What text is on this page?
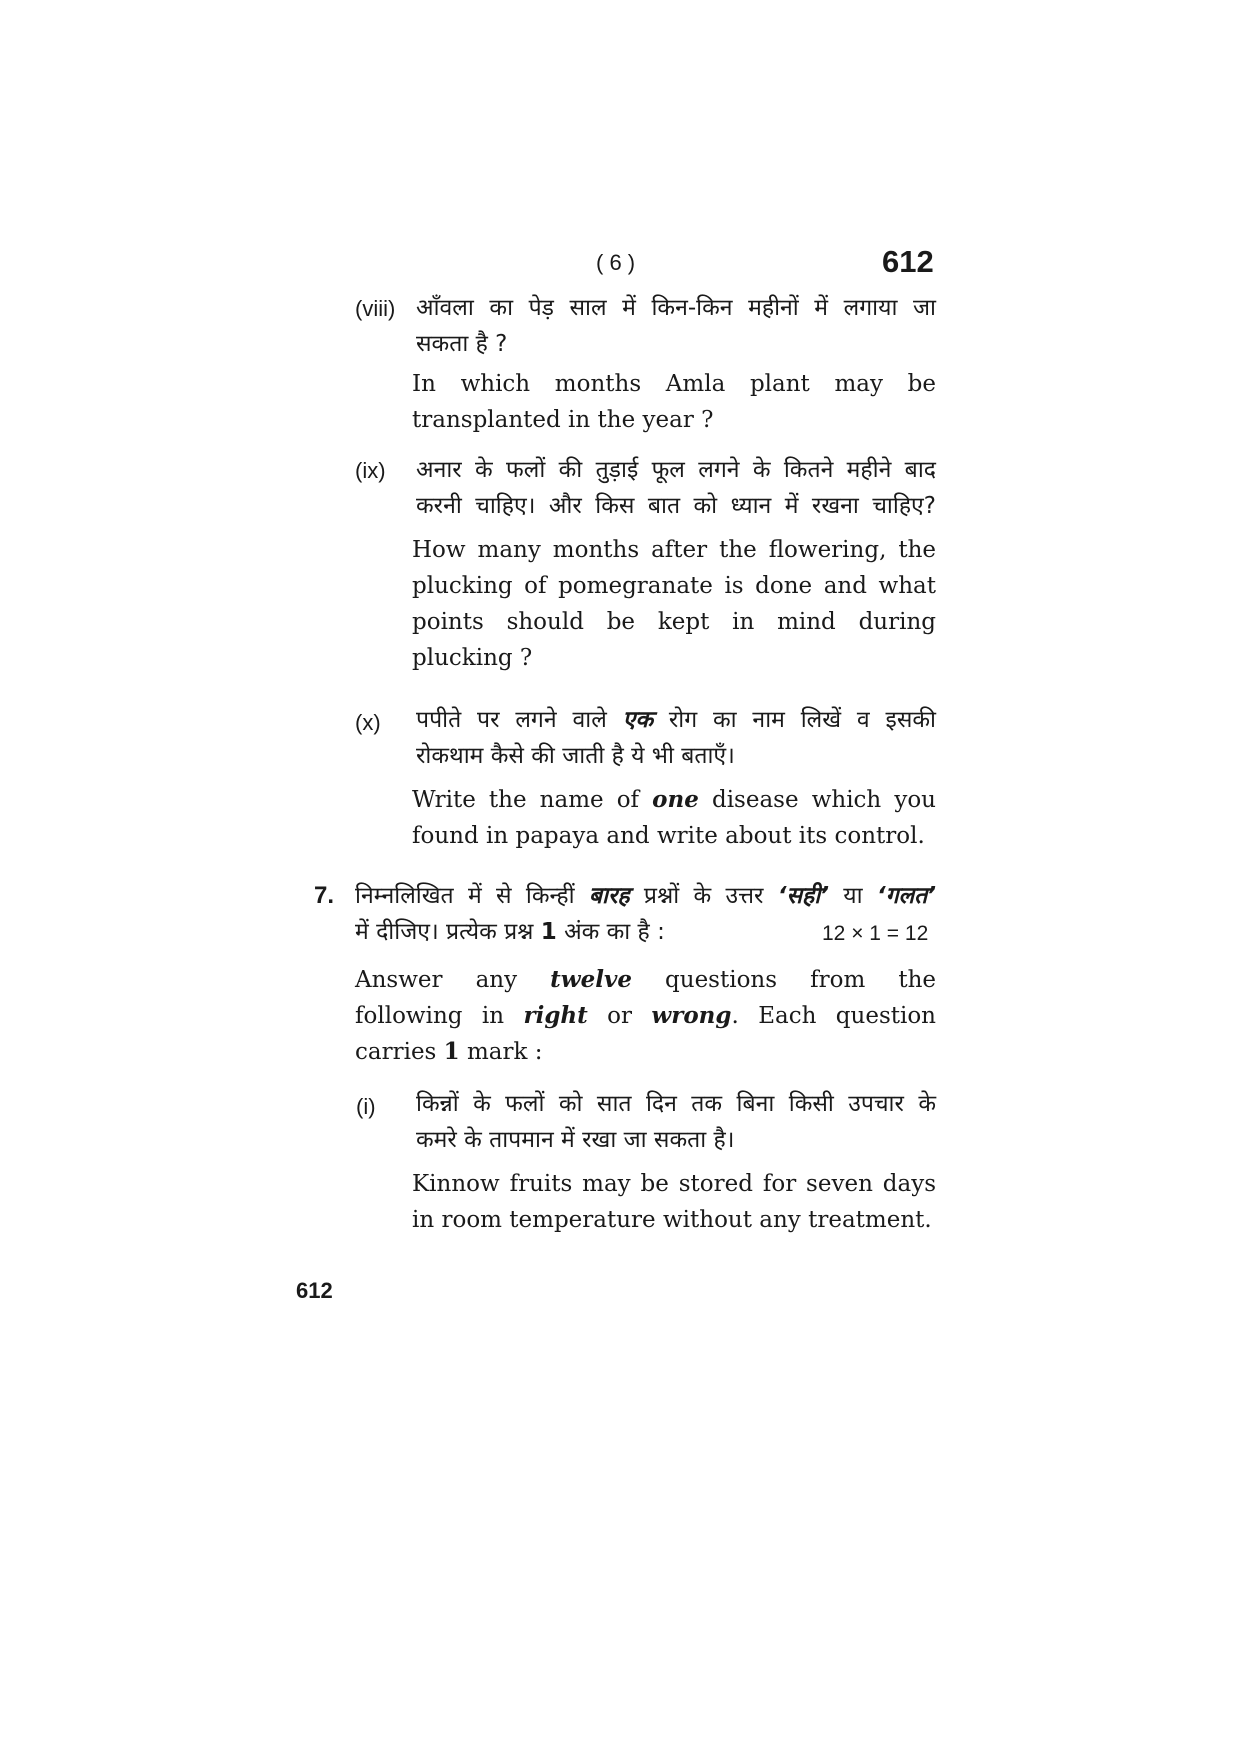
( 6 )	612
(viii) आँवला का पेड़ साल में किन-किन महीनों में लगाया जा
सकता है ?
In which months Amla plant may be
transplanted in the year ?
(ix) अनार के फलों की तुड़ाई फूल लगने के कितने महीने बाद
करनी चाहिए। और किस बात को ध्यान में रखना चाहिए?
How many months after the flowering, the
plucking of pomegranate is done and what
points should be kept in mind during
plucking ?
(x) पपीते पर लगने वाले एक रोग का नाम लिखें व इसकी
रोकथाम कैसे की जाती है ये भी बताएँ।
Write the name of one disease which you
found in papaya and write about its control.
7. निम्नलिखित में से किन्हीं बारह प्रश्नों के उत्तर ‘सही’ या ‘गलत’
में दीजिए। प्रत्येक प्रश्न 1 अंक का है :	12 × 1 = 12
Answer any twelve questions from the
following in right or wrong. Each question
carries 1 mark :
(i) किन्नों के फलों को सात दिन तक बिना किसी उपचार के
कमरे के तापमान में रखा जा सकता है।
Kinnow fruits may be stored for seven days
in room temperature without any treatment.
612
